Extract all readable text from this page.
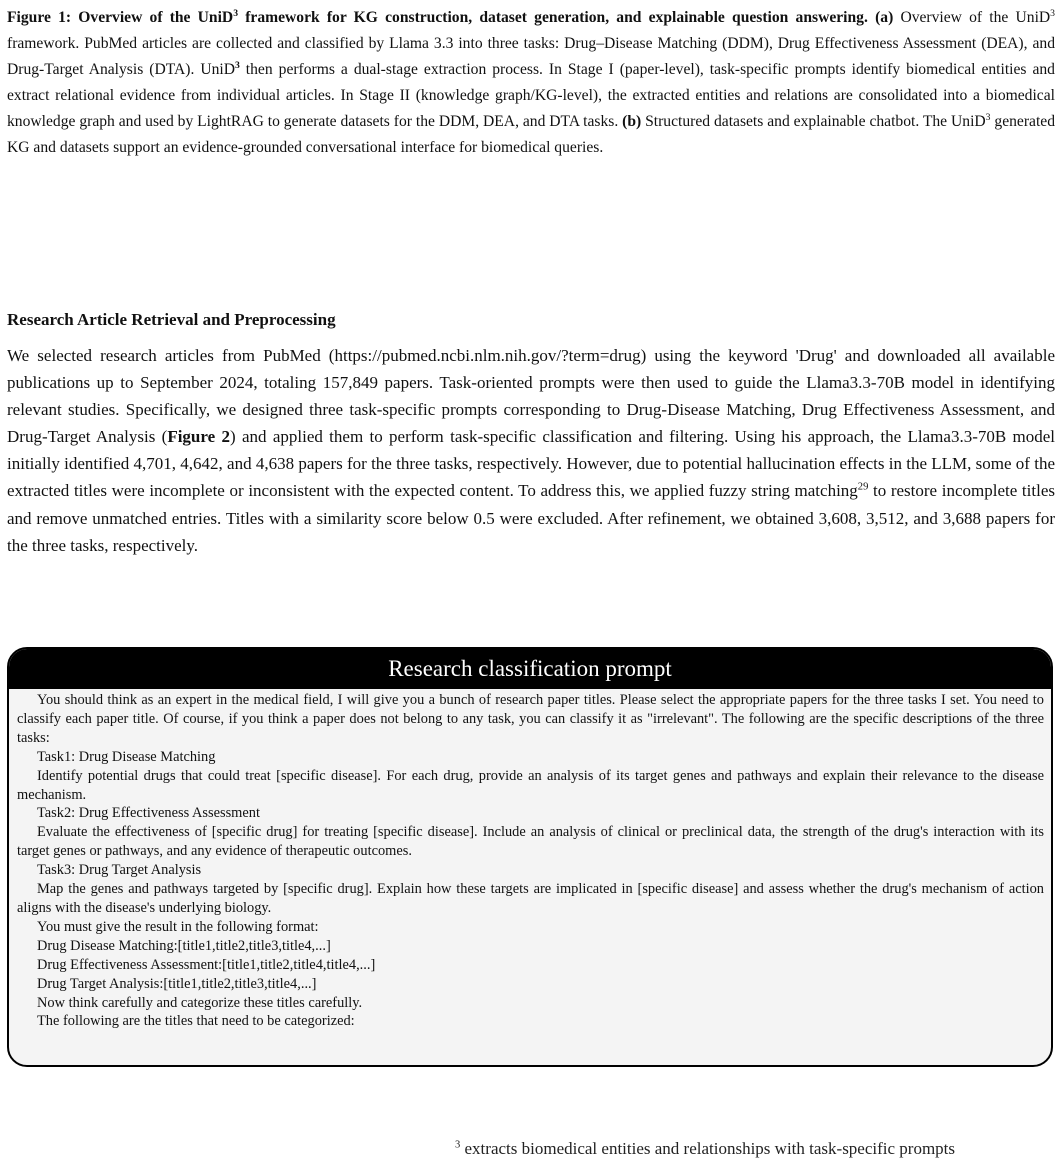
Figure 1: Overview of the UniD$^3$ framework for KG construction, dataset generation, and explainable question answering. (a) Overview of the UniD$^3$ framework. PubMed articles are collected and classified by Llama 3.3 into three tasks: Drug–Disease Matching (DDM), Drug Effectiveness Assessment (DEA), and Drug-Target Analysis (DTA). UniD$^3$ then performs a dual-stage extraction process. In Stage I (paper-level), task-specific prompts identify biomedical entities and extract relational evidence from individual articles. In Stage II (knowledge graph/KG-level), the extracted entities and relations are consolidated into a biomedical knowledge graph and used by LightRAG to generate datasets for the DDM, DEA, and DTA tasks. (b) Structured datasets and explainable chatbot. The UniD$^3$ generated KG and datasets support an evidence-grounded conversational interface for biomedical queries.
Research Article Retrieval and Preprocessing
We selected research articles from PubMed (https://pubmed.ncbi.nlm.nih.gov/?term=drug) using the keyword 'Drug' and downloaded all available publications up to September 2024, totaling 157,849 papers. Task-oriented prompts were then used to guide the Llama3.3-70B model in identifying relevant studies. Specifically, we designed three task-specific prompts corresponding to Drug-Disease Matching, Drug Effectiveness Assessment, and Drug-Target Analysis (Figure 2) and applied them to perform task-specific classification and filtering. Using his approach, the Llama3.3-70B model initially identified 4,701, 4,642, and 4,638 papers for the three tasks, respectively. However, due to potential hallucination effects in the LLM, some of the extracted titles were incomplete or inconsistent with the expected content. To address this, we applied fuzzy string matching$^{29}$ to restore incomplete titles and remove unmatched entries. Titles with a similarity score below 0.5 were excluded. After refinement, we obtained 3,608, 3,512, and 3,688 papers for the three tasks, respectively.
Research classification prompt

You should think as an expert in the medical field, I will give you a bunch of research paper titles. Please select the appropriate papers for the three tasks I set. You need to classify each paper title. Of course, if you think a paper does not belong to any task, you can classify it as "irrelevant". The following are the specific descriptions of the three tasks:

Task1: Drug Disease Matching

Identify potential drugs that could treat [specific disease]. For each drug, provide an analysis of its target genes and pathways and explain their relevance to the disease mechanism.

Task2: Drug Effectiveness Assessment

Evaluate the effectiveness of [specific drug] for treating [specific disease]. Include an analysis of clinical or preclinical data, the strength of the drug's interaction with its target genes or pathways, and any evidence of therapeutic outcomes.

Task3: Drug Target Analysis

Map the genes and pathways targeted by [specific drug]. Explain how these targets are implicated in [specific disease] and assess whether the drug's mechanism of action aligns with the disease's underlying biology.

You must give the result in the following format:

Drug Disease Matching:[title1,title2,title3,title4,...]

Drug Effectiveness Assessment:[title1,title2,title4,title4,...]

Drug Target Analysis:[title1,title2,title3,title4,...]

Now think carefully and categorize these titles carefully.

The following are the titles that need to be categorized:

$^3$ extracts biomedical entities and relationships with task-specific prompts
